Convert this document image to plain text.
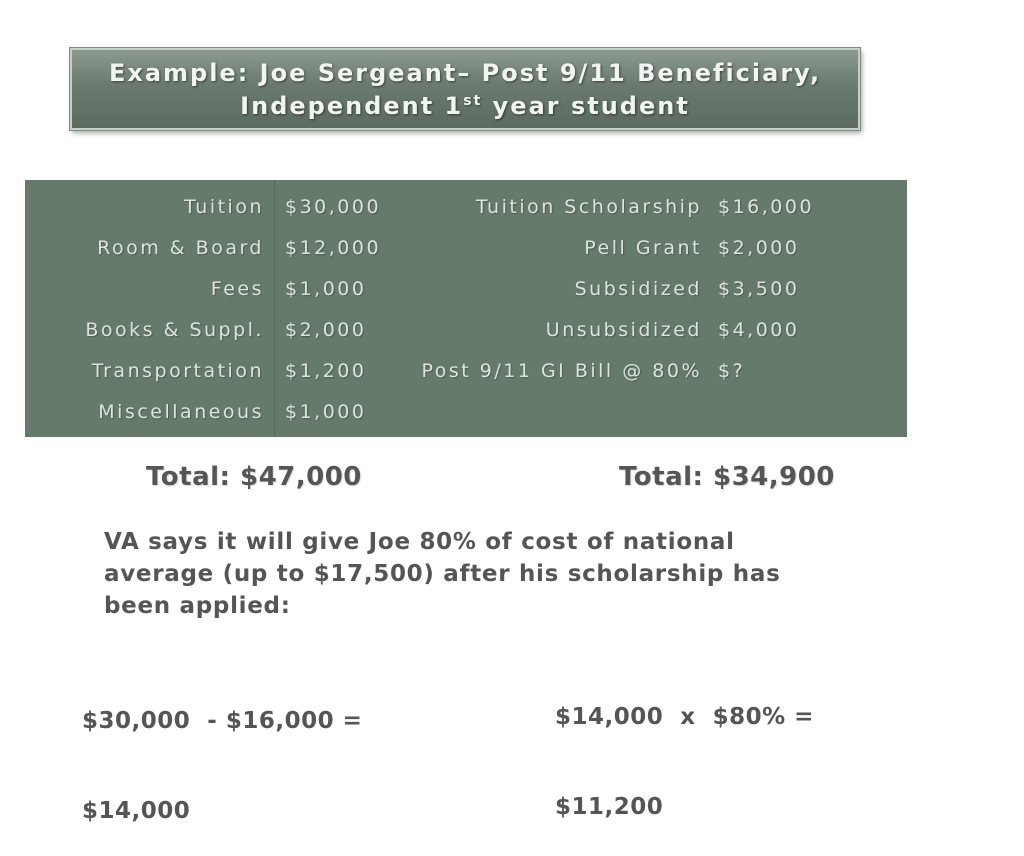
Example: Joe Sergeant– Post 9/11 Beneficiary,
Independent 1st year student
Tuition $30,000
Room & Board $12,000
Fees $1,000
Books & Suppl. $2,000
Transportation $1,200
Miscellaneous $1,000
Tuition Scholarship $16,000
Pell Grant $2,000
Subsidized $3,500
Unsubsidized $4,000
Post 9/11 GI Bill @ 80% $?
Total: $47,000	Total: $34,900
VA says it will give Joe 80% of cost of national average (up to $17,500) after his scholarship has been applied:

$30,000  - $16,000 =

$14,000

$14,000  x  $80% =

$11,200
